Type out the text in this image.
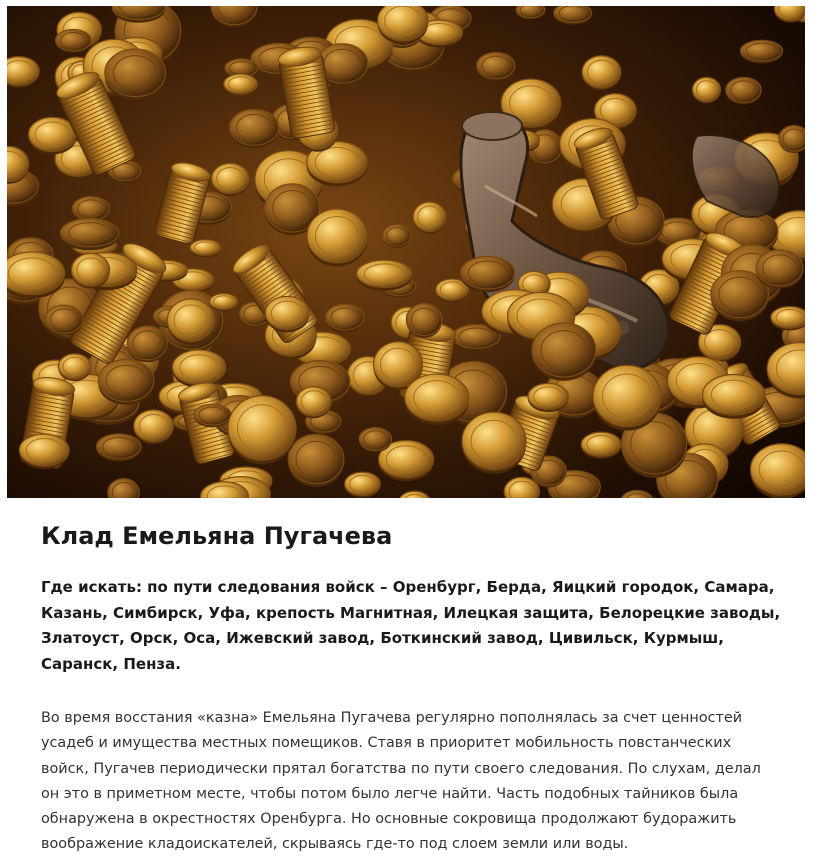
Клад Емельяна Пугачева

Где искать: по пути следования войск – Оренбург, Берда, Яицкий городок, Самара, Казань, Симбирск, Уфа, крепость Магнитная, Илецкая защита, Белорецкие заводы, Златоуст, Орск, Оса, Ижевский завод, Боткинский завод, Цивильск, Курмыш, Саранск, Пенза.

Во время восстания «казна» Емельяна Пугачева регулярно пополнялась за счет ценностей усадеб и имущества местных помещиков. Ставя в приоритет мобильность повстанческих войск, Пугачев периодически прятал богатства по пути своего следования. По слухам, делал он это в приметном месте, чтобы потом было легче найти. Часть подобных тайников была обнаружена в окрестностях Оренбурга. Но основные сокровища продолжают будоражить воображение кладоискателей, скрываясь где-то под слоем земли или воды.
